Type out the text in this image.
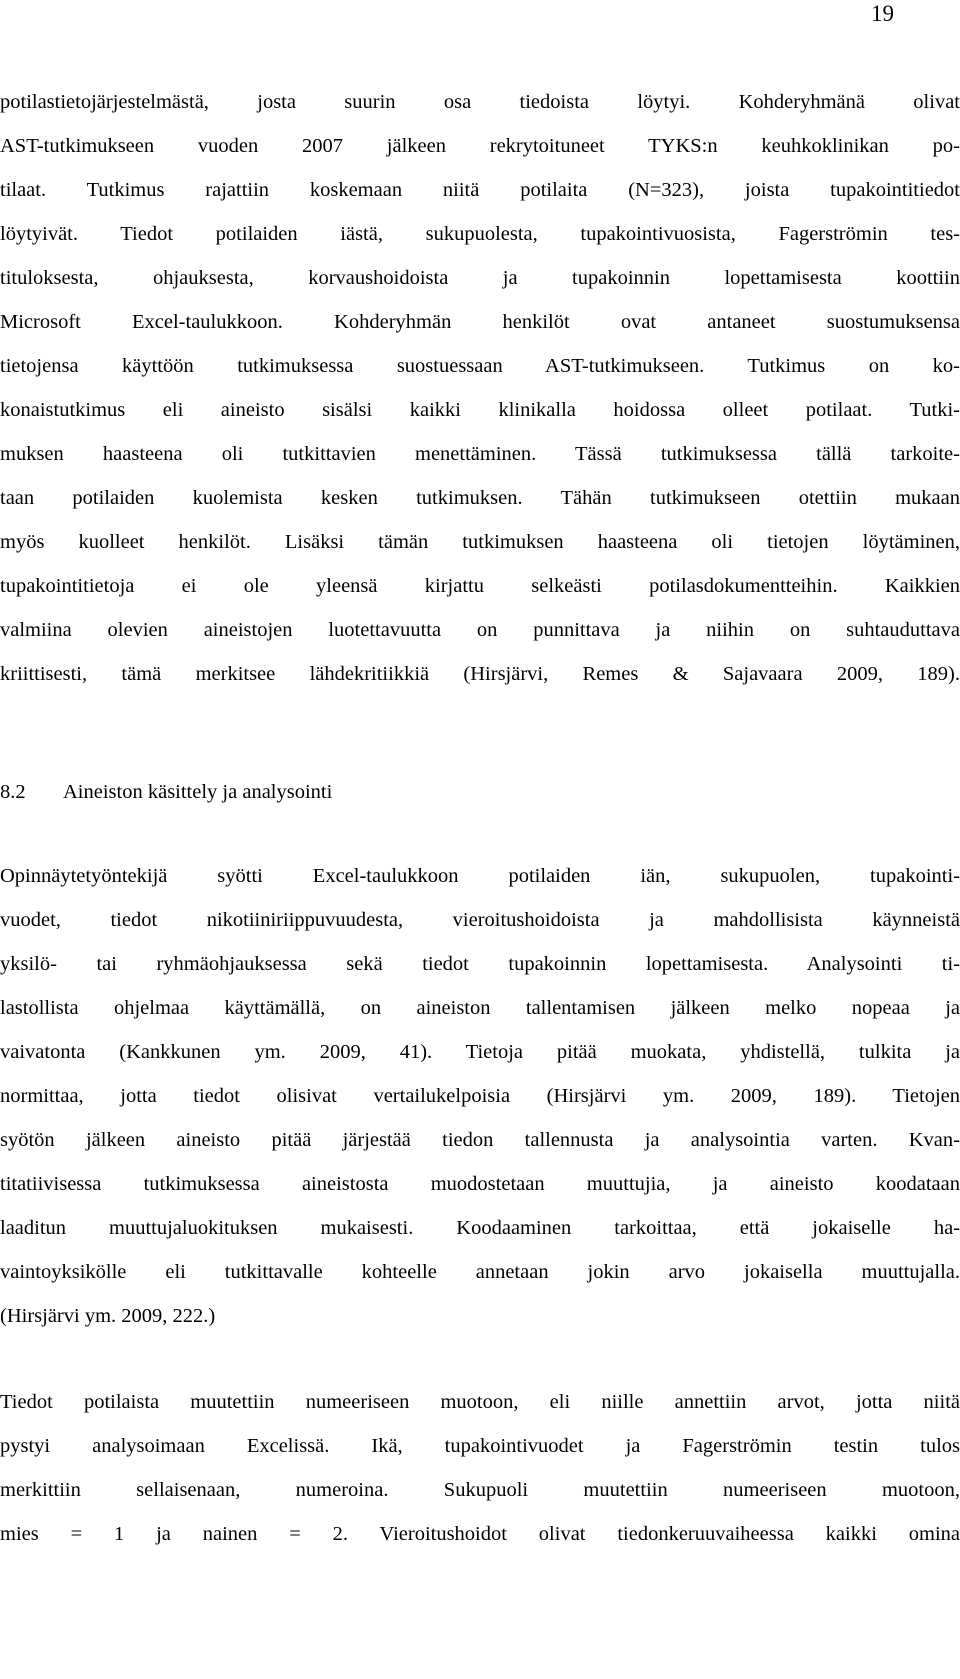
19
potilastietojärjestelmästä, josta suurin osa tiedoista löytyi. Kohderyhmänä olivat
AST-tutkimukseen vuoden 2007 jälkeen rekrytoituneet TYKS:n keuhkoklinikan po-
tilaat. Tutkimus rajattiin koskemaan niitä potilaita (N=323), joista tupakointitiedot
löytyivät. Tiedot potilaiden iästä, sukupuolesta, tupakointivuosista, Fagerströmin tes-
tituloksesta, ohjauksesta, korvaushoidoista ja tupakoinnin lopettamisesta koottiin
Microsoft Excel-taulukkoon. Kohderyhmän henkilöt ovat antaneet suostumuksensa
tietojensa käyttöön tutkimuksessa suostuessaan AST-tutkimukseen. Tutkimus on ko-
konaistutkimus eli aineisto sisälsi kaikki klinikalla hoidossa olleet potilaat. Tutki-
muksen haasteena oli tutkittavien menettäminen. Tässä tutkimuksessa tällä tarkoite-
taan potilaiden kuolemista kesken tutkimuksen. Tähän tutkimukseen otettiin mukaan
myös kuolleet henkilöt. Lisäksi tämän tutkimuksen haasteena oli tietojen löytäminen,
tupakointitietoja ei ole yleensä kirjattu selkeästi potilasdokumentteihin. Kaikkien
valmiina olevien aineistojen luotettavuutta on punnittava ja niihin on suhtauduttava
kriittisesti, tämä merkitsee lähdekritiikkiä (Hirsjärvi, Remes & Sajavaara 2009, 189).
8.2 Aineiston käsittely ja analysointi
Opinnäytetyöntekijä syötti Excel-taulukkoon potilaiden iän, sukupuolen, tupakointi-
vuodet, tiedot nikotiiniriippuvuudesta, vieroitushoidoista ja mahdollisista käynneistä
yksilö- tai ryhmäohjauksessa sekä tiedot tupakoinnin lopettamisesta. Analysointi ti-
lastollista ohjelmaa käyttämällä, on aineiston tallentamisen jälkeen melko nopeaa ja
vaivatonta (Kankkunen ym. 2009, 41). Tietoja pitää muokata, yhdistellä, tulkita ja
normittaa, jotta tiedot olisivat vertailukelpoisia (Hirsjärvi ym. 2009, 189). Tietojen
syötön jälkeen aineisto pitää järjestää tiedon tallennusta ja analysointia varten. Kvan-
titatiivisessa tutkimuksessa aineistosta muodostetaan muuttujia, ja aineisto koodataan
laaditun muuttujaluokituksen mukaisesti. Koodaaminen tarkoittaa, että jokaiselle ha-
vaintoyksikölle eli tutkittavalle kohteelle annetaan jokin arvo jokaisella muuttujalla.
(Hirsjärvi ym. 2009, 222.)
Tiedot potilaista muutettiin numeeriseen muotoon, eli niille annettiin arvot, jotta niitä
pystyi analysoimaan Excelissä. Ikä, tupakointivuodet ja Fagerströmin testin tulos
merkittiin sellaisenaan, numeroina. Sukupuoli muutettiin numeeriseen muotoon,
mies = 1 ja nainen = 2. Vieroitushoidot olivat tiedonkeruuvaiheessa kaikki omina
